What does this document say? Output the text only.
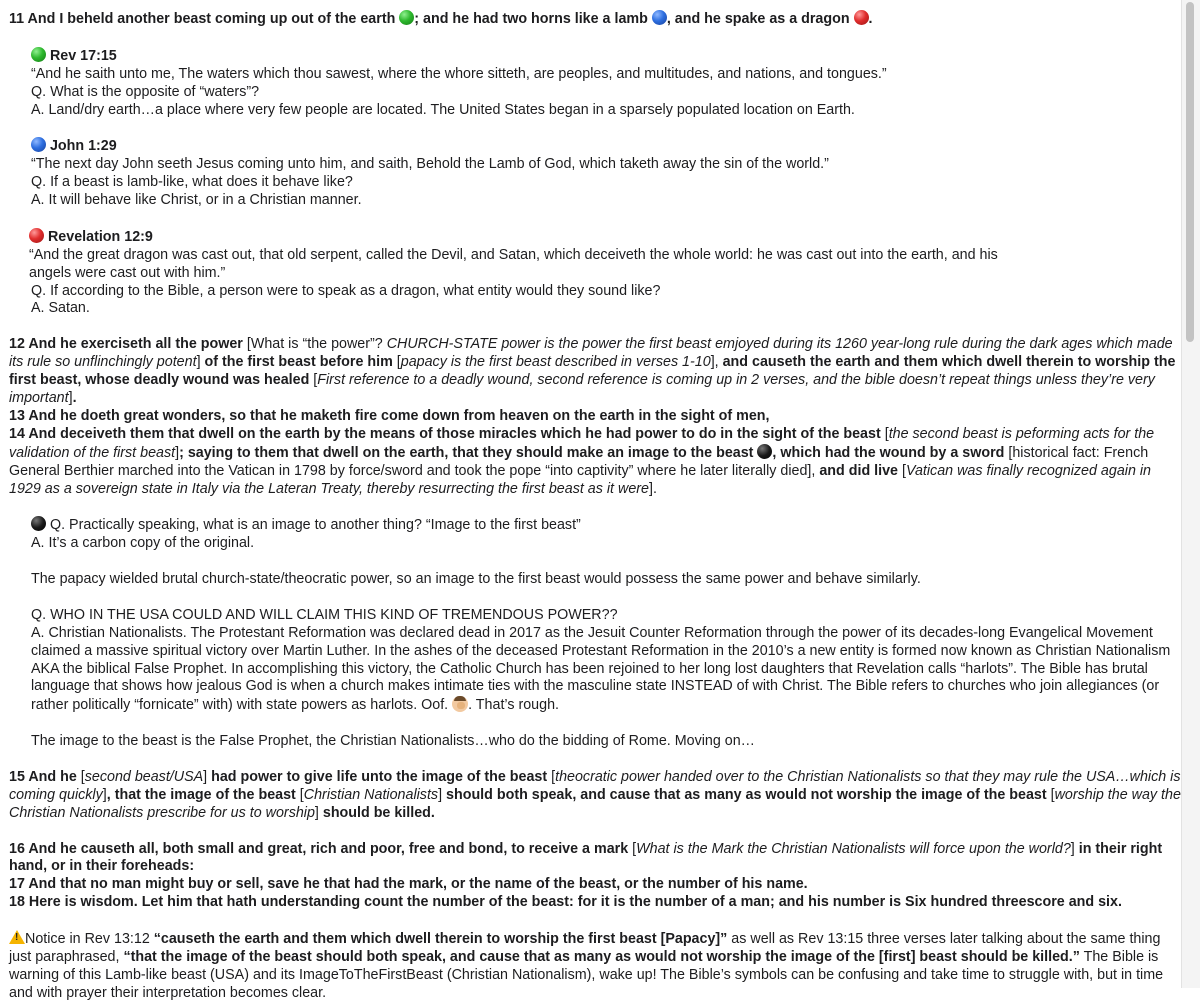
11 And I beheld another beast coming up out of the earth ; and he had two horns like a lamb , and he spake as a dragon .

Rev 17:15

“And he saith unto me, The waters which thou sawest, where the whore sitteth, are peoples, and multitudes, and nations, and tongues.”

Q. What is the opposite of “waters”?

A. Land/dry earth…a place where very few people are located. The United States began in a sparsely populated location on Earth.

John 1:29

“The next day John seeth Jesus coming unto him, and saith, Behold the Lamb of God, which taketh away the sin of the world.”

Q. If a beast is lamb-like, what does it behave like?

A. It will behave like Christ, or in a Christian manner.

Revelation 12:9

“And the great dragon was cast out, that old serpent, called the Devil, and Satan, which deceiveth the whole world: he was cast out into the earth, and his
angels were cast out with him.”

Q. If according to the Bible, a person were to speak as a dragon, what entity would they sound like?

A. Satan.

12 And he exerciseth all the power [What is “the power”? CHURCH-STATE power is the power the first beast emjoyed during its 1260 year-long rule during the dark ages which made its rule so unflinchingly potent] of the first beast before him [papacy is the first beast described in verses 1-10], and causeth the earth and them which dwell therein to worship the first beast, whose deadly wound was healed [First reference to a deadly wound, second reference is coming up in 2 verses, and the bible doesn’t repeat things unless they’re very important].

13 And he doeth great wonders, so that he maketh fire come down from heaven on the earth in the sight of men,

14 And deceiveth them that dwell on the earth by the means of those miracles which he had power to do in the sight of the beast [the second beast is peforming acts for the validation of the first beast]; saying to them that dwell on the earth, that they should make an image to the beast , which had the wound by a sword [historical fact: French General Berthier marched into the Vatican in 1798 by force/sword and took the pope “into captivity” where he later literally died], and did live [Vatican was finally recognized again in 1929 as a sovereign state in Italy via the Lateran Treaty, thereby resurrecting the first beast as it were].

Q. Practically speaking, what is an image to another thing? “Image to the first beast”

A. It’s a carbon copy of the original.

The papacy wielded brutal church-state/theocratic power, so an image to the first beast would possess the same power and behave similarly.

Q. WHO IN THE USA COULD AND WILL CLAIM THIS KIND OF TREMENDOUS POWER??

A. Christian Nationalists. The Protestant Reformation was declared dead in 2017 as the Jesuit Counter Reformation through the power of its decades-long Evangelical Movement claimed a massive spiritual victory over Martin Luther. In the ashes of the deceased Protestant Reformation in the 2010’s a new entity is formed now known as Christian Nationalism AKA the biblical False Prophet. In accomplishing this victory, the Catholic Church has been rejoined to her long lost daughters that Revelation calls “harlots”. The Bible has brutal language that shows how jealous God is when a church makes intimate ties with the masculine state INSTEAD of with Christ. The Bible refers to churches who join allegiances (or rather politically “fornicate” with) with state powers as harlots. Oof. . That’s rough.

The image to the beast is the False Prophet, the Christian Nationalists…who do the bidding of Rome. Moving on…

15 And he [second beast/USA] had power to give life unto the image of the beast [theocratic power handed over to the Christian Nationalists so that they may rule the USA…which is coming quickly], that the image of the beast [Christian Nationalists] should both speak, and cause that as many as would not worship the image of the beast [worship the way the Christian Nationalists prescribe for us to worship] should be killed.

16 And he causeth all, both small and great, rich and poor, free and bond, to receive a mark [What is the Mark the Christian Nationalists will force upon the world?] in their right hand, or in their foreheads:

17 And that no man might buy or sell, save he that had the mark, or the name of the beast, or the number of his name.

18 Here is wisdom. Let him that hath understanding count the number of the beast: for it is the number of a man; and his number is Six hundred threescore and six.

!Notice in Rev 13:12 “causeth the earth and them which dwell therein to worship the first beast [Papacy]” as well as Rev 13:15 three verses later talking about the same thing just paraphrased, “that the image of the beast should both speak, and cause that as many as would not worship the image of the [first] beast should be killed.” The Bible is warning of this Lamb-like beast (USA) and its ImageToTheFirstBeast (Christian Nationalism), wake up! The Bible’s symbols can be confusing and take time to struggle with, but in time and with prayer their interpretation becomes clear.
